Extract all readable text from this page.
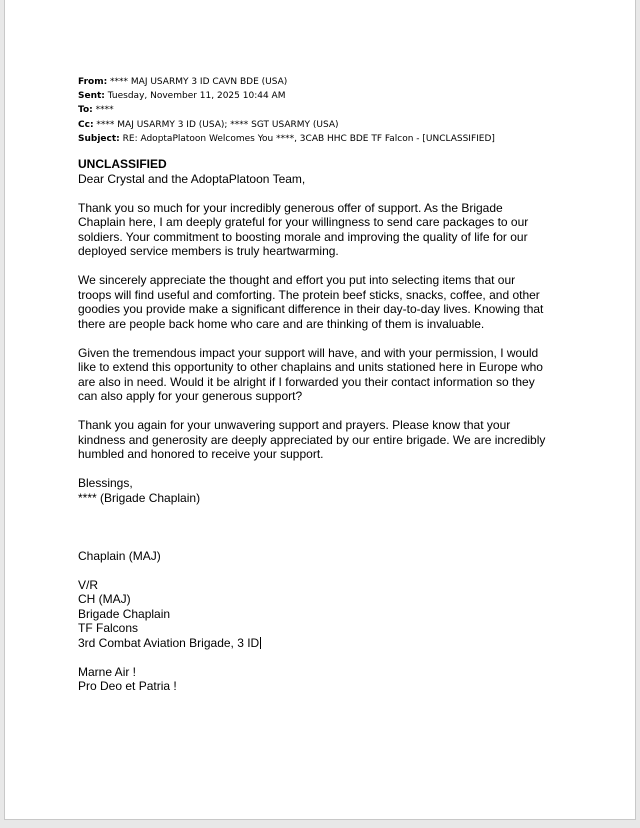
From: **** MAJ USARMY 3 ID CAVN BDE (USA)
Sent: Tuesday, November 11, 2025 10:44 AM
To: ****
Cc: **** MAJ USARMY 3 ID (USA); **** SGT USARMY (USA)
Subject: RE: AdoptaPlatoon Welcomes You ****, 3CAB HHC BDE TF Falcon - [UNCLASSIFIED]
UNCLASSIFIED
Dear Crystal and the AdoptaPlatoon Team,
Thank you so much for your incredibly generous offer of support. As the Brigade
Chaplain here, I am deeply grateful for your willingness to send care packages to our
soldiers. Your commitment to boosting morale and improving the quality of life for our
deployed service members is truly heartwarming.
We sincerely appreciate the thought and effort you put into selecting items that our
troops will find useful and comforting. The protein beef sticks, snacks, coffee, and other
goodies you provide make a significant difference in their day-to-day lives. Knowing that
there are people back home who care and are thinking of them is invaluable.
Given the tremendous impact your support will have, and with your permission, I would
like to extend this opportunity to other chaplains and units stationed here in Europe who
are also in need. Would it be alright if I forwarded you their contact information so they
can also apply for your generous support?
Thank you again for your unwavering support and prayers. Please know that your
kindness and generosity are deeply appreciated by our entire brigade. We are incredibly
humbled and honored to receive your support.
Blessings,
**** (Brigade Chaplain)
Chaplain (MAJ)
V/R
CH (MAJ)
Brigade Chaplain
TF Falcons
3rd Combat Aviation Brigade, 3 ID
Marne Air !
Pro Deo et Patria !
